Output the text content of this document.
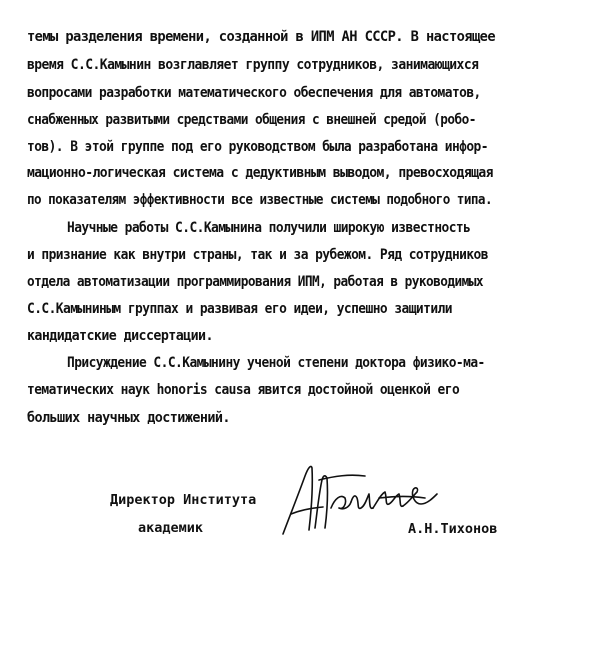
темы разделения времени, созданной в ИПМ АН СССР. В настоящее
время С.С.Камынин возглавляет группу сотрудников, занимающихся
вопросами разработки математического обеспечения для автоматов,
снабженных развитыми средствами общения с внешней средой (робо-
тов). В этой группе под его руководством была разработана инфор-
мационно-логическая система с дедуктивным выводом, превосходящая
по показателям эффективности все известные системы подобного типа.
Научные работы С.С.Камынина получили широкую известность
и признание как внутри страны, так и за рубежом. Ряд сотрудников
отдела автоматизации программирования ИПМ, работая в руководимых
С.С.Камыниным группах и развивая его идеи, успешно защитили
кандидатские диссертации.
Присуждение С.С.Камынину ученой степени доктора физико-ма-
тематических наук honoris causa явится достойной оценкой его
больших научных достижений.
Директор Института
академик	А.Н.Тихонов
